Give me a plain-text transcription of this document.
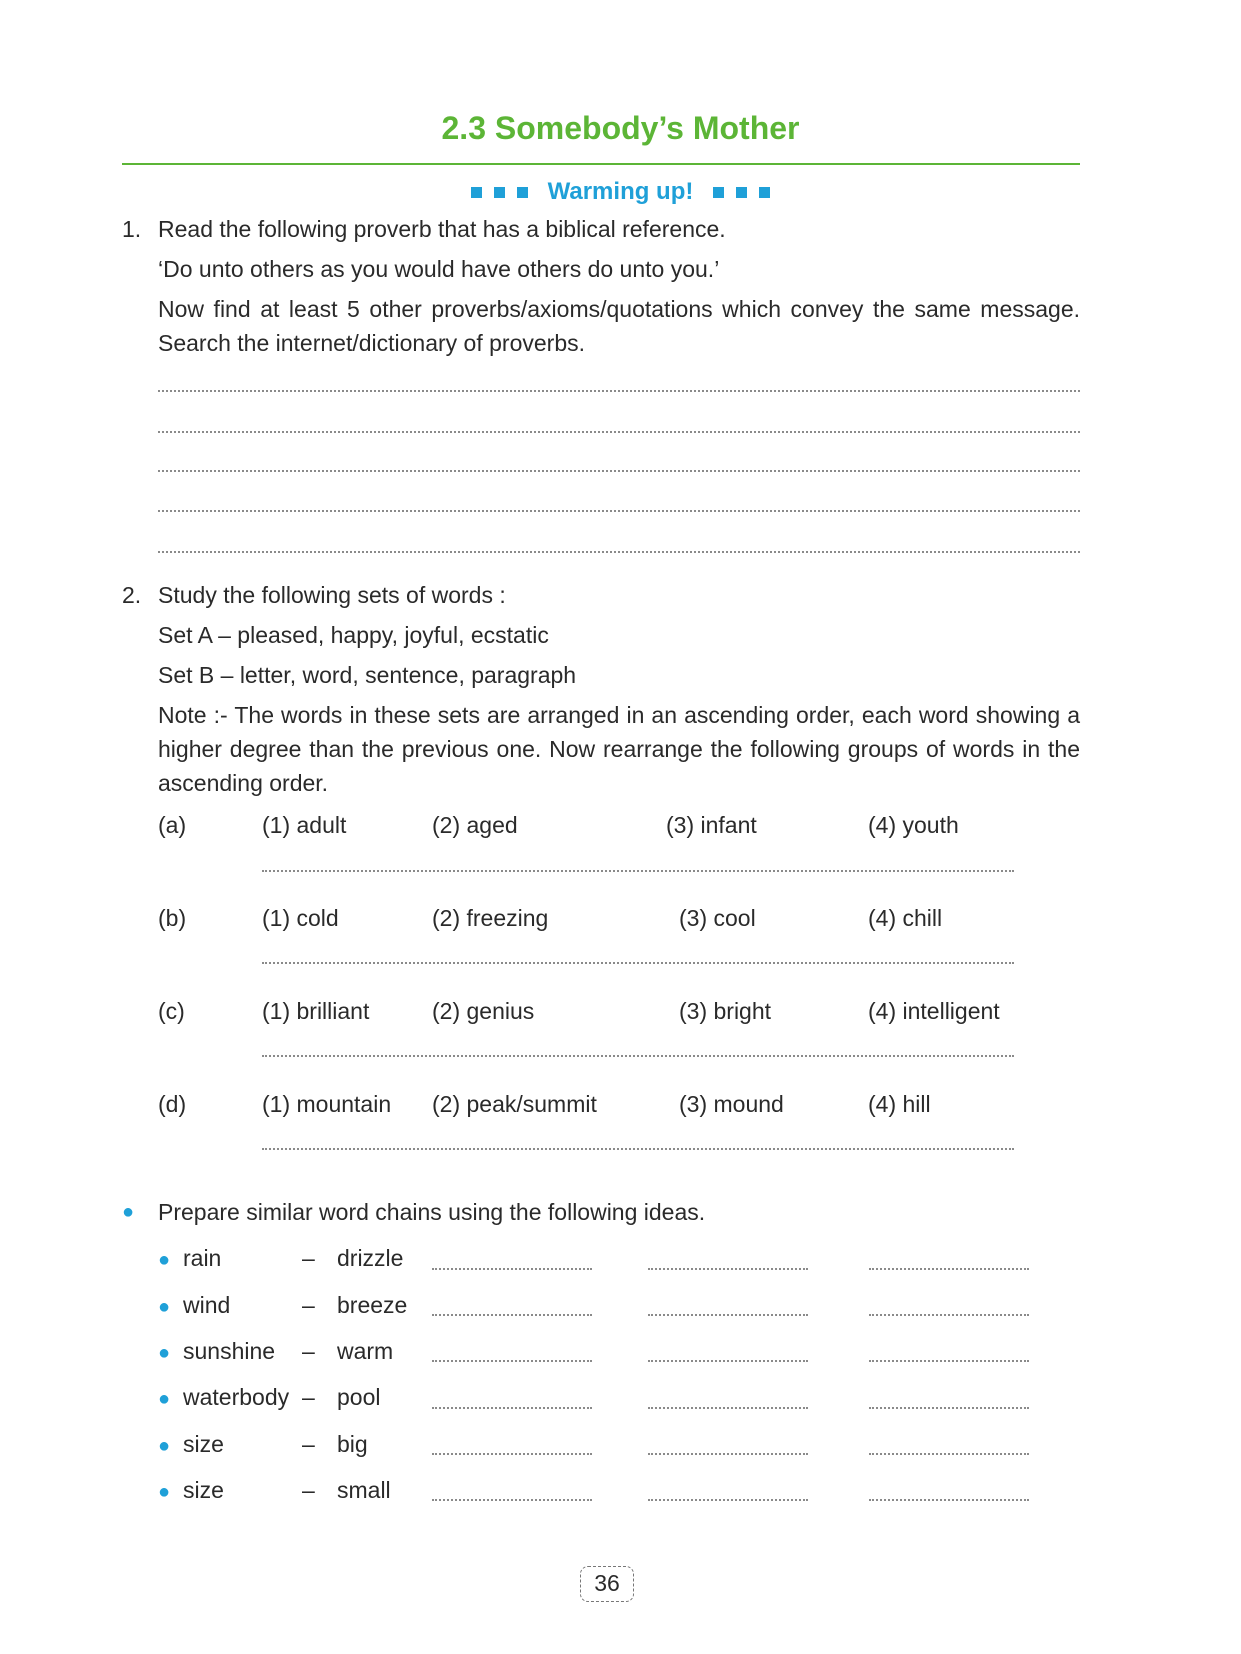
2.3 Somebody’s Mother
Warming up!
1. Read the following proverb that has a biblical reference.
‘Do unto others as you would have others do unto you.’
Now find at least 5 other proverbs/axioms/quotations which convey the same message. Search the internet/dictionary of proverbs.
2. Study the following sets of words :
Set A – pleased, happy, joyful, ecstatic
Set B – letter, word, sentence, paragraph
Note :- The words in these sets are arranged in an ascending order, each word showing a higher degree than the previous one. Now rearrange the following groups of words in the ascending order.
(a)	(1) adult	(2) aged	(3) infant	(4) youth
(b)	(1) cold	(2) freezing	(3) cool	(4) chill
(c)	(1) brilliant	(2) genius	(3) bright	(4) intelligent
(d)	(1) mountain (2) peak/summit	(3) mound	(4) hill
● Prepare similar word chains using the following ideas.
● rain	– drizzle
● wind	– breeze
● sunshine – warm
● waterbody – pool
● size	– big
● size	– small
36
